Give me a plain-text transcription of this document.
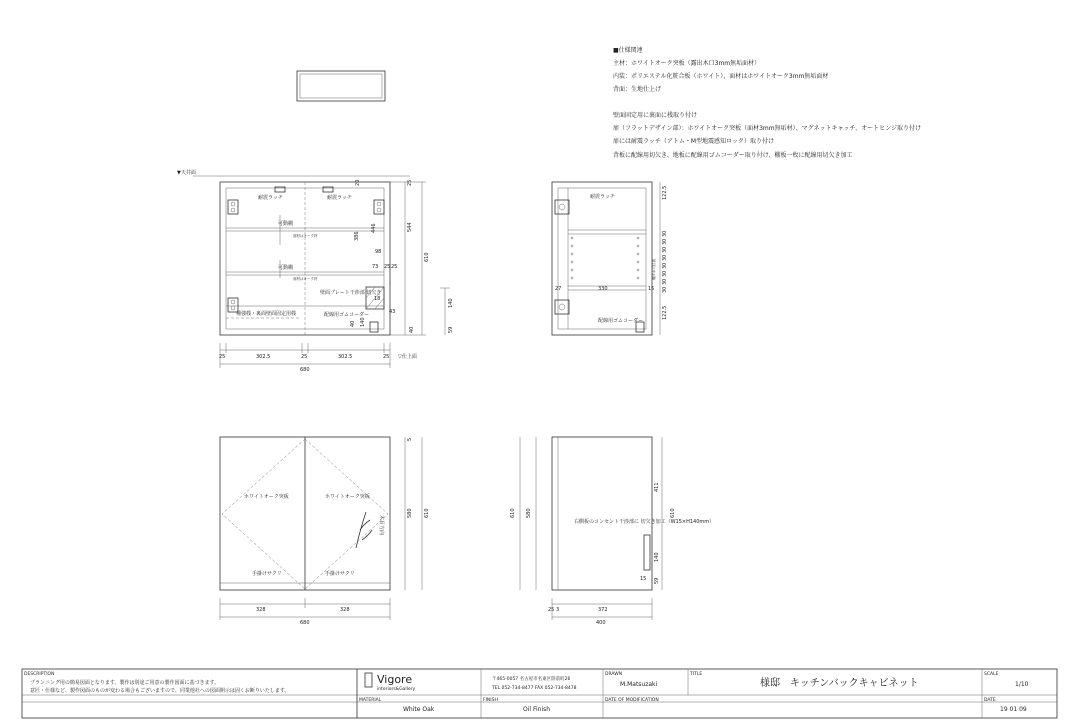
■仕様関連
主材：ホワイトオーク突板（露出木口3mm無垢面材）
内装：ポリエステル化粧合板（ホワイト）、面材はホワイトオーク3mm無垢面材
背面：生地仕上げ
壁面固定用に裏面に桟取り付け
扉（フラットデザイン部）：ホワイトオーク突板（面材3mm無垢材）、マグネットキャッチ、オートヒンジ取り付け
扉には耐震ラッチ（アトム・M型地震感知ロック）取り付け
背板に配線用切欠き、地板に配線用ゴムコーダー取り付け、棚板一枚に配線用切欠き加工
▼天井面
耐震ラッチ	耐震ラッチ
可動棚
可動棚
面材はオーク材
面材はオーク材
壁面プレート干渉部 切欠き
配線用ゴムコーダー
補強桟・裏面壁面固定用桟
25
386
446
98
73 25 25
544
610
20
43
18
140
40
140
59
40
▽仕上面
25	302.5	25	302.5	25
680
耐震ラッチ
配線用ゴムコーダー
27	330	15
122.5
30
30
30
30
30
30
30
30
122.5
棚ダボ穴位置
ホワイトオーク突板	ホワイトオーク突板
手掛けサクリ	手掛けサクリ
木目方向
5
580 610
328	328
680
右側板のコンセント干渉部に 切欠き加工（W15×H140mm）
610 580
411
610
140
15 59
25 3	372
400
DESCRIPTION
プランニング用の簡易図面となります。製作は別途ご用意の製作図面に基づきます。
意匠・仕様など、製作図面のものが変わる場合もございますので、同業他社への図面開示は固くお断りいたします。
Vigore
interiors&Gallery
〒465-0057 名古屋市名東区陸前町26
TEL 052-734-8477 FAX 052-734-8478
DRAWN
M.Matsuzaki
TITLE
様邸　キッチンバックキャビネット
SCALE
1/10
MATERIAL
White Oak
FINISH
Oil Finish
DATE OF MODIFICATION	DATE
19 01 09
